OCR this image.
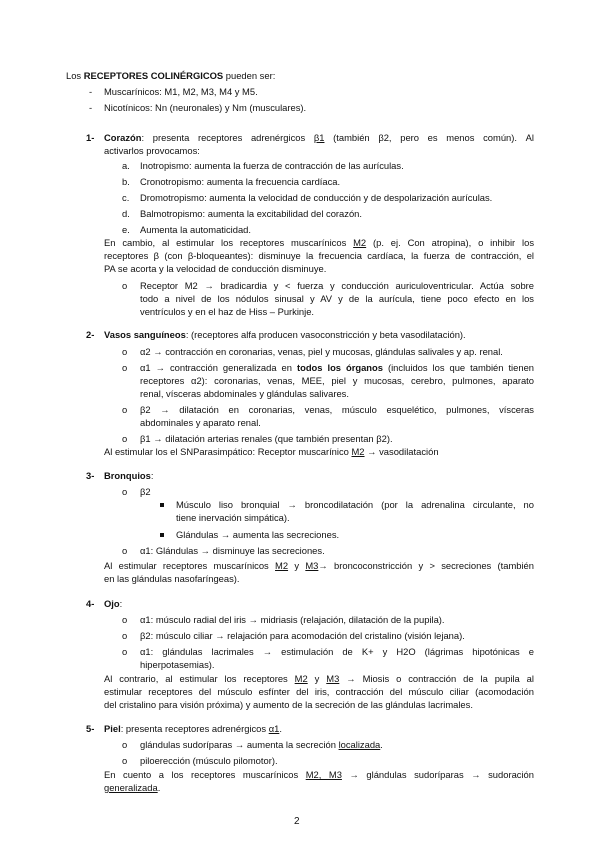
Los RECEPTORES COLINÉRGICOS pueden ser:
- Muscarínicos: M1, M2, M3, M4 y M5.
- Nicotínicos: Nn (neuronales) y Nm (musculares).
1- Corazón: presenta receptores adrenérgicos β1 (también β2, pero es menos común). Al
activarlos provocamos:
a. Inotropismo: aumenta la fuerza de contracción de las aurículas.
b. Cronotropismo: aumenta la frecuencia cardíaca.
c. Dromotropismo: aumenta la velocidad de conducción y de despolarización aurículas.
d. Balmotropismo: aumenta la excitabilidad del corazón.
e. Aumenta la automaticidad.
En cambio, al estimular los receptores muscarínicos M2 (p. ej. Con atropina), o inhibir los
receptores β (con β-bloqueantes): disminuye la frecuencia cardíaca, la fuerza de contracción, el
PA se acorta y la velocidad de conducción disminuye.
o Receptor M2 → bradicardia y < fuerza y conducción auriculoventricular. Actúa sobre
todo a nivel de los nódulos sinusal y AV y de la aurícula, tiene poco efecto en los
ventrículos y en el haz de Hiss – Purkinje.
2- Vasos sanguíneos: (receptores alfa producen vasoconstricción y beta vasodilatación).
o α2 → contracción en coronarias, venas, piel y mucosas, glándulas salivales y ap. renal.
o α1 → contracción generalizada en todos los órganos (incluidos los que también tienen
receptores α2): coronarias, venas, MEE, piel y mucosas, cerebro, pulmones, aparato
renal, vísceras abdominales y glándulas salivares.
o β2 → dilatación en coronarias, venas, músculo esquelético, pulmones, vísceras
abdominales y aparato renal.
o β1 → dilatación arterias renales (que también presentan β2).
Al estimular los el SNParasimpático: Receptor muscarínico M2 → vasodilatación
3- Bronquios:
o β2
Músculo liso bronquial → broncodilatación (por la adrenalina circulante, no
tiene inervación simpática).
Glándulas → aumenta las secreciones.
o α1: Glándulas → disminuye las secreciones.
Al estimular receptores muscarínicos M2 y M3→ broncoconstricción y > secreciones (también
en las glándulas nasofaríngeas).
4- Ojo:
o α1: músculo radial del iris → midriasis (relajación, dilatación de la pupila).
o β2: músculo ciliar → relajación para acomodación del cristalino (visión lejana).
o α1: glándulas lacrimales → estimulación de K+ y H2O (lágrimas hipotónicas e
hiperpotasemias).
Al contrario, al estimular los receptores M2 y M3 → Miosis o contracción de la pupila al
estimular receptores del músculo esfínter del iris, contracción del músculo ciliar (acomodación
del cristalino para visión próxima) y aumento de la secreción de las glándulas lacrimales.
5- Piel: presenta receptores adrenérgicos α1.
o glándulas sudoríparas → aumenta la secreción localizada.
o piloerección (músculo pilomotor).
En cuento a los receptores muscarínicos M2, M3 → glándulas sudoríparas → sudoración
generalizada.
2
